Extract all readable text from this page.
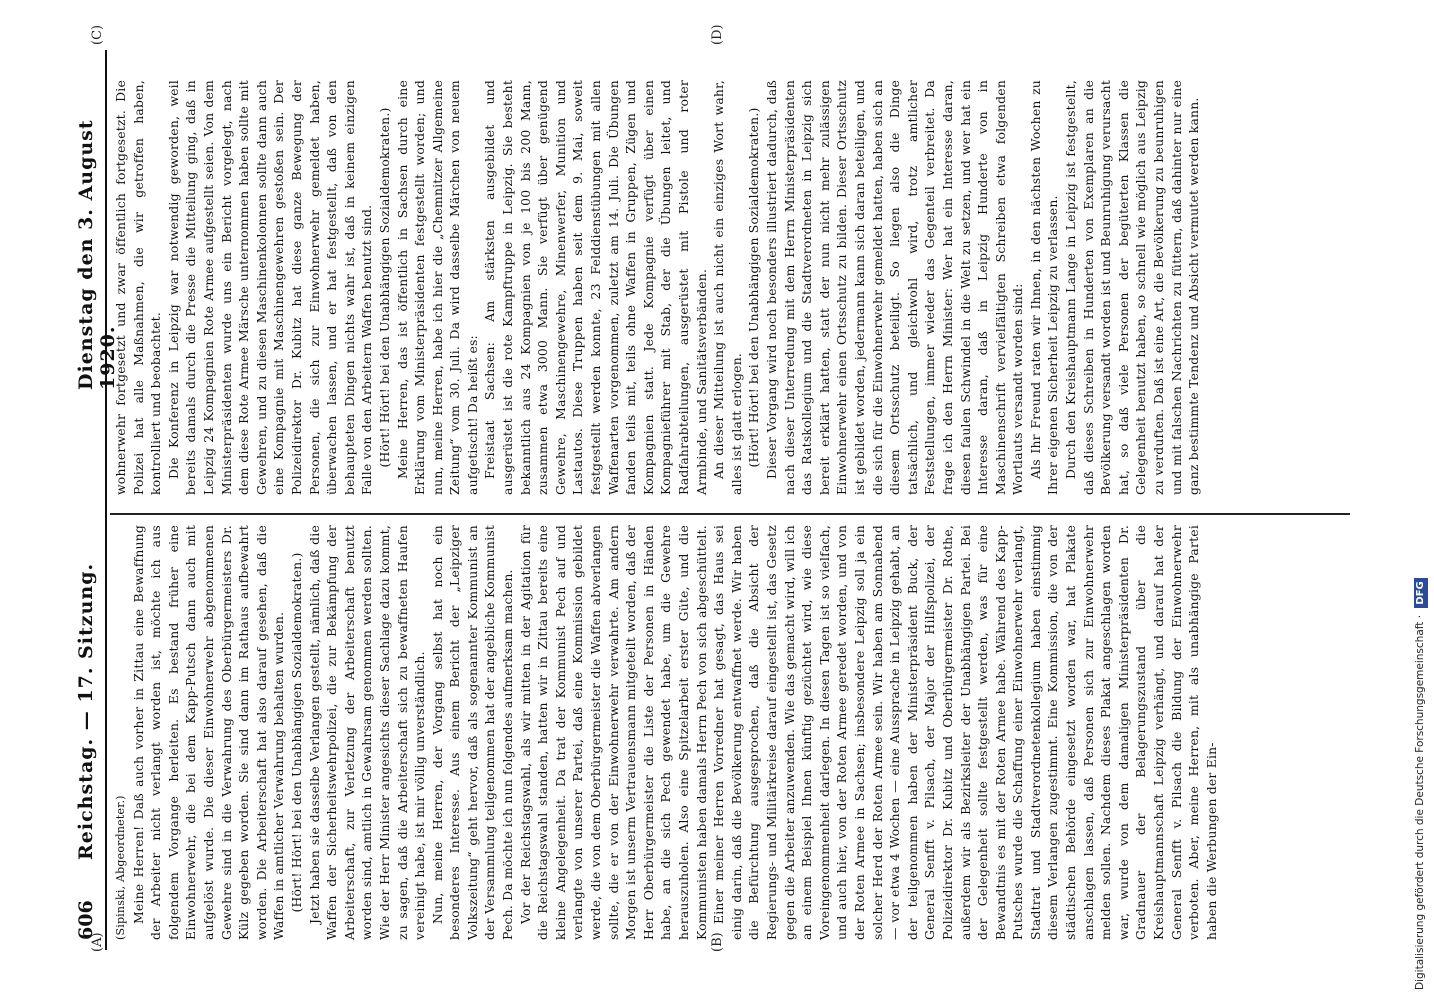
606
Reichstag. — 17. Sitzung.
Dienstag den 3. August 1920.
(A)	(B)
(C)	(D)

(Sipinski, Abgeordneter.) Meine Herren! Daß auch vorher in Zittau eine Bewaffnung der Arbeiter nicht verlangt worden ist, möchte ich aus folgendem Vorgange herleiten. Es bestand früher eine Einwohnerwehr, die bei dem Kapp-Putsch dann auch mit aufgelöst wurde. Die dieser Einwohnerwehr abgenommenen Gewehre sind in die Verwahrung des Oberbürgermeisters Dr. Külz gegeben worden. Sie sind dann im Rathaus aufbewahrt worden. Die Arbeiterschaft hat also darauf gesehen, daß die Waffen in amtlicher Verwahrung behalten wurden. (Hört! Hört! bei den Unabhängigen Sozialdemokraten.) Jetzt haben sie dasselbe Verlangen gestellt, nämlich, daß die Waffen der Sicherheitswehrpolizei, die zur Bekämpfung der Arbeiterschaft, zur Verletzung der Arbeiterschaft benutzt worden sind, amtlich in Gewahrsam genommen werden sollten. Wie der Herr Minister angesichts dieser Sachlage dazu kommt, zu sagen, daß die Arbeiterschaft sich zu bewaffneten Haufen vereinigt habe, ist mir völlig unverständlich. Nun, meine Herren, der Vorgang selbst hat noch ein besonderes Interesse. Aus einem Bericht der „Leipziger Volkszeitung“ geht hervor, daß als sogenannter Kommunist an der Versammlung teilgenommen hat der angebliche Kommunist Pech. Da möchte ich nun folgendes aufmerksam machen. Vor der Reichstagswahl, als wir mitten in der Agitation für die Reichstagswahl standen, hatten wir in Zittau bereits eine kleine Angelegenheit. Da trat der Kommunist Pech auf und verlangte von unserer Partei, daß eine Kommission gebildet werde, die von dem Oberbürgermeister die Waffen abverlangen sollte, die er von der Einwohnerwehr verwahrte. Am andern Morgen ist unserm Vertrauensmann mitgeteilt worden, daß der Herr Oberbürgermeister die Liste der Personen in Händen habe, an die sich Pech gewendet habe, um die Gewehre herauszuholen. Also eine Spitzelarbeit erster Güte, und die Kommunisten haben damals Herrn Pech von sich abgeschüttelt. Einer meiner Herren Vorredner hat gesagt, das Haus sei einig darin, daß die Bevölkerung entwaffnet werde. Wir haben die Befürchtung ausgesprochen, daß die Absicht der Regierungs- und Militärkreise darauf eingestellt ist, das Gesetz gegen die Arbeiter anzuwenden. Wie das gemacht wird, will ich an einem Beispiel Ihnen künftig gezüchtet wird, wie diese Voreingenommenheit darlegen. In diesen Tagen ist so vielfach, und auch hier, von der Roten Armee geredet worden, und von der Roten Armee in Sachsen; insbesondere Leipzig soll ja ein solcher Herd der Roten Armee sein. Wir haben am Sonnabend — vor etwa 4 Wochen — eine Aussprache in Leipzig gehabt, an der teilgenommen haben der Ministerpräsident Buck, der General Senfft v. Pilsach, der Major der Hilfspolizei, der Polizeidirektor Dr. Kubitz und Oberbürgermeister Dr. Rothe, außerdem wir als Bezirksleiter der Unabhängigen Partei. Bei der Gelegenheit sollte festgestellt werden, was für eine Bewandtnis es mit der Roten Armee habe. Während des Kapp-Putsches wurde die Schaffung einer Einwohnerwehr verlangt, Stadtrat und Stadtverordnetenkollegium haben einstimmig diesem Verlangen zugestimmt. Eine Kommission, die von der städtischen Behörde eingesetzt worden war, hat Plakate anschlagen lassen, daß Personen sich zur Einwohnerwehr melden sollen. Nachdem dieses Plakat angeschlagen worden war, wurde von dem damaligen Ministerpräsidenten Dr. Gradnauer der Belagerungszustand über die Kreishauptmannschaft Leipzig verhängt, und darauf hat der General Senfft v. Pilsach die Bildung der Einwohnerwehr verboten. Aber, meine Herren, mit als unabhängige Partei haben die Werbungen der Ein-

wohnerwehr fortgesetzt und zwar öffentlich fortgesetzt. Die Polizei hat alle Maßnahmen, die wir getroffen haben, kontrolliert und beobachtet. Die Konferenz in Leipzig war notwendig geworden, weil bereits damals durch die Presse die Mitteilung ging, daß in Leipzig 24 Kompagnien Rote Armee aufgestellt seien. Von dem Ministerpräsidenten wurde uns ein Bericht vorgelegt, nach dem diese Rote Armee Märsche unternommen haben sollte mit Gewehren, und zu diesen Maschinenkolonnen sollte dann auch eine Kompagnie mit Maschinengewehren gestoßen sein. Der Polizeidirektor Dr. Kubitz hat diese ganze Bewegung der Personen, die sich zur Einwohnerwehr gemeldet haben, überwachen lassen, und er hat festgestellt, daß von den behaupteten Dingen nichts wahr ist, daß in keinem einzigen Falle von den Arbeitern Waffen benutzt sind. (Hört! Hört! bei den Unabhängigen Sozialdemokraten.) Meine Herren, das ist öffentlich in Sachsen durch eine Erklärung vom Ministerpräsidenten festgestellt worden; und nun, meine Herren, habe ich hier die „Chemnitzer Allgemeine Zeitung“ vom 30. Juli. Da wird dasselbe Märchen von neuem aufgetischt! Da heißt es: Freistaat Sachsen: Am stärksten ausgebildet und ausgerüstet ist die rote Kampftruppe in Leipzig. Sie besteht bekanntlich aus 24 Kompagnien von je 100 bis 200 Mann, zusammen etwa 3000 Mann. Sie verfügt über genügend Gewehre, Maschinengewehre, Minenwerfer, Munition und Lastautos. Diese Truppen haben seit dem 9. Mai, soweit festgestellt werden konnte, 23 Felddienstübungen mit allen Waffenarten vorgenommen, zuletzt am 14. Juli. Die Übungen fanden teils mit, teils ohne Waffen in Gruppen, Zügen und Kompagnien statt. Jede Kompagnie verfügt über einen Kompagnieführer mit Stab, der die Übungen leitet, und Radfahrabteilungen, ausgerüstet mit Pistole und roter Armbinde, und Sanitätsverbänden. An dieser Mitteilung ist auch nicht ein einziges Wort wahr, alles ist glatt erlogen. (Hört! Hört! bei den Unabhängigen Sozialdemokraten.) Dieser Vorgang wird noch besonders illustriert dadurch, daß nach dieser Unterredung mit dem Herrn Ministerpräsidenten das Ratskollegium und die Stadtverordneten in Leipzig sich bereit erklärt hatten, statt der nun nicht mehr zulässigen Einwohnerwehr einen Ortsschutz zu bilden. Dieser Ortsschutz ist gebildet worden, jedermann kann sich daran beteiligen, und die sich für die Einwohnerwehr gemeldet hatten, haben sich an diesem Ortsschutz beteiligt. So liegen also die Dinge tatsächlich, und gleichwohl wird, trotz amtlicher Feststellungen, immer wieder das Gegenteil verbreitet. Da frage ich den Herrn Minister: Wer hat ein Interesse daran, diesen faulen Schwindel in die Welt zu setzen, und wer hat ein Interesse daran, daß in Leipzig Hunderte von in Maschinenschrift vervielfältigten Schreiben etwa folgenden Wortlauts versandt worden sind: Als Ihr Freund raten wir Ihnen, in den nächsten Wochen zu Ihrer eigenen Sicherheit Leipzig zu verlassen. Durch den Kreishauptmann Lange in Leipzig ist festgestellt, daß dieses Schreiben in Hunderten von Exemplaren an die Bevölkerung versandt worden ist und Beunruhigung verursacht hat, so daß viele Personen der begüterten Klassen die Gelegenheit benutzt haben, so schnell wie möglich aus Leipzig zu verduften. Daß ist eine Art, die Bevölkerung zu beunruhigen und mit falschen Nachrichten zu füttern, daß dahinter nur eine ganz bestimmte Tendenz und Absicht vermutet werden kann.

Digitalisierung gefördert durch die Deutsche Forschungsgemeinschaft · DFG
